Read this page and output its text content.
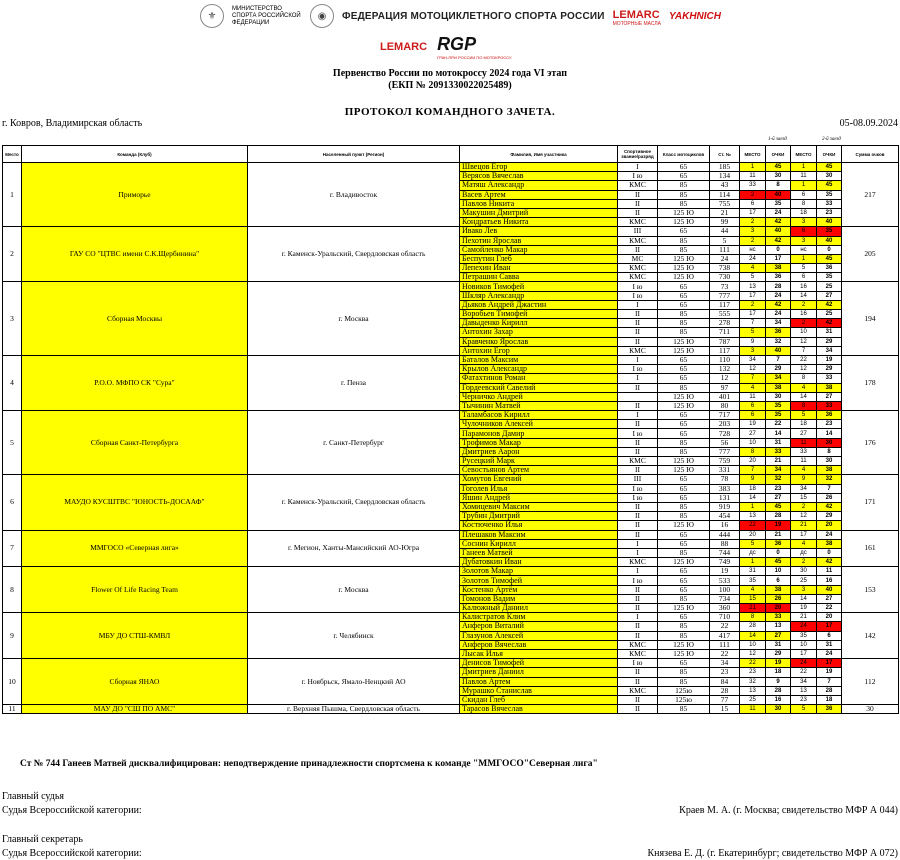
⚜
МИНИСТЕРСТВО СПОРТА РОССИЙСКОЙ ФЕДЕРАЦИИ
◉	ФЕДЕРАЦИЯ МОТОЦИКЛЕТНОГО СПОРТА РОССИИ LEMARC
МОТОРНЫЕ МАСЛА
YAKHNICH
LEMARC RGP
ГРАН-ПРИ РОССИИ ПО МОТОКРОССУ
Первенство России по мотокроссу 2024 года VI этап
(ЕКП № 2091330022025489)
ПРОТОКОЛ КОМАНДНОГО ЗАЧЕТА.
г. Ковров, Владимирская область	05-08.09.2024
1-й заезд	2-й заезд
Место	Команда (Клуб)	Населенный пункт (Регион)	Фамилия, Имя участника	Спортивное звание/разряд	Класс мотоциклов	Ст. №	МЕСТО	ОЧКИ	МЕСТО	ОЧКИ	Сумма очков
1	Приморье	г. Владивосток	Швецов Егор	I	65	185	1	45	1	45	217
			Верясов Вячеслав	I ю	65	134	11	30	11	30	
			Матяш Александр	КМС	85	43	33	8	1	45	
			Васев Артем	II	85	114	2	40	6	35	
			Павлов Никита	II	85	755	6	35	8	33	
			Макушин Дмитрий	II	125 Ю	21	17	24	18	23	
			Кондратьев Никита	КМС	125 Ю	99	2	42	3	40	
2	ГАУ СО "ЦТВС имени С.К.Щербинина"	г. Каменск-Уральский, Свердловская область	Ивако Лев	III	65	44	3	40	6	35	205
			Пехотин Ярослав	КМС	85	5	2	42	3	40	
			Самойленко Макар	II	85	111	нс	0	нс	0	
			Беспутин Глеб	МС	125 Ю	24	24	17	1	45	
			Лепехин Иван	КМС	125 Ю	738	4	38	5	36	
			Петрашин Савва	КМС	125 Ю	730	5	36	6	35	
3	Сборная Москвы	г. Москва	Новиков Тимофей	I ю	65	73	13	28	16	25	194
			Шкляр Александр	I ю	65	777	17	24	14	27	
			Дьяков Андрей Джастин	I	65	117	2	42	2	42	
			Воробьев Тимофей	II	85	555	17	24	16	25	
			Давыденко Кирилл	II	85	278	7	34	2	42	
			Антохин Захар	II	85	711	5	36	10	31	
			Кравченко Ярослав	II	125 Ю	787	9	32	12	29	
			Антохин Егор	КМС	125 Ю	117	3	40	7	34	
4	Р.О.О. МФПО СК "Сура"	г. Пенза	Баталов Максим	I	65	110	34	7	22	19	178
			Крылов Александр	I ю	65	132	12	29	12	29	
			Фатахтинов Роман	I	65	12	7	34	8	33	
			Гордеевский Савелий	II	85	97	4	38	4	38	
			Черничко Андрей		125 Ю	401	11	30	14	27	
			Тычинин Матвей	II	125 Ю	80	6	35	8	33	
5	Сборная Санкт-Петербурга	г. Санкт-Петербург	Таламбасов Кирилл	I	65	717	6	35	5	36	176
			Чулочников Алексей	II	65	203	19	22	18	23	
			Парамонов Дамир	I ю	65	728	27	14	27	14	
			Трофимов Макар	II	85	56	10	31	11	30	
			Дмитриев Аарон	II	85	777	8	33	33	8	
			Русецкий Марк	КМС	125 Ю	759	20	21	11	30	
			Севостьянов Артем	II	125 Ю	331	7	34	4	38	
6	МАУДО КУСШТВС "ЮНОСТЬ-ДОСААФ"	г. Каменск-Уральский, Свердловская область	Хомутов Евгений	III	65	78	9	32	9	32	171
			Гоголев Илья	I ю	65	383	18	23	34	7	
			Яшин Андрей	I ю	65	131	14	27	15	26	
			Хомицевич Максим	II	85	919	1	45	2	42	
			Трубин Дмитрий	II	85	454	13	28	12	29	
			Костюченко Илья	II	125 Ю	16	22	19	21	20	
7	ММГОСО «Северная лига»	г. Мегион, Ханты-Мансийский АО-Югра	Плешаков Максим	II	65	444	20	21	17	24	161
			Соснин Кирилл	I	65	88	5	36	4	38	
			Ганеев Матвей	I	85	744	дс	0	дс	0	
			Дубатовкин Иван	КМС	125 Ю	749	1	45	2	42	
8	Flower Of Life Racing Team	г. Москва	Золотов Макар	I	65	19	31	10	30	11	153
			Золотов Тимофей	I ю	65	533	35	6	25	16	
			Костенко Артём	II	65	100	4	38	3	40	
			Гомонов Вадим	II	85	734	15	26	14	27	
			Калюжный Даниил	II	125 Ю	360	21	20	19	22	
9	МБУ ДО СТШ-КМВЛ	г. Челябинск	Калистратов Клим	I	65	710	8	33	21	20	142
			Анферов Виталий	II	85	22	28	13	24	17	
			Глазунов Алексей	II	85	417	14	27	35	6	
			Анферов Вячеслав	КМС	125 Ю	111	10	31	10	31	
			Лысак Илья	КМС	125 Ю	22	12	29	17	24	
10	Сборная ЯНАО	г. Ноябрьск, Ямало-Ненцкий АО	Денисов Тимофей	I ю	65	34	22	19	24	17	112
			Дмитриев Даниил	II	85	23	23	18	22	19	
			Павлов Артем	II	85	84	32	9	34	7	
			Мурашко Станислав	КМС	125ю	28	13	28	13	28	
			Скидан Глеб	II	125ю	77	25	16	23	18	
11	МАУ ДО "СШ ПО АМС"	г. Верхняя Пышма, Свердловская область	Тарасов Вячеслав	II	85	15	11	30	5	36	30
Ст № 744 Ганеев Матвей дисквалифицирован: неподтверждение принадлежности спортсмена к команде "ММГОСО"Северная лига"
Главный судья
Судья Всероссийской категории:	Краев М. А. (г. Москва; свидетельство МФР А 044)
Главный секретарь
Судья Всероссийской категории:	Князева Е. Д. (г. Екатеринбург; свидетельство МФР А 072)
